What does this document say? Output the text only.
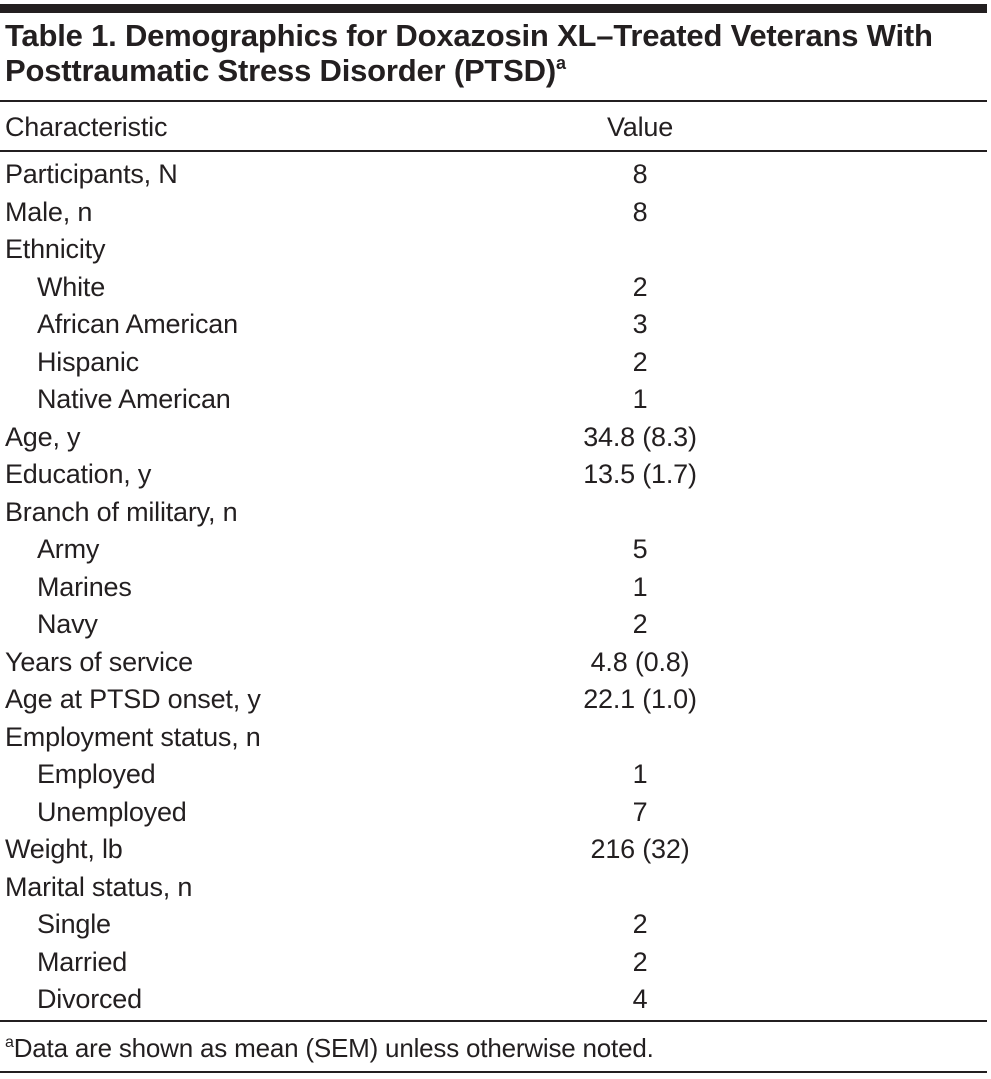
Table 1. Demographics for Doxazosin XL–Treated Veterans With Posttraumatic Stress Disorder (PTSD)$^a$
Characteristic	Value
Participants, N	8
Male, n	8
Ethnicity
White	2
African American	3
Hispanic	2
Native American	1
Age, y	34.8 (8.3)
Education, y	13.5 (1.7)
Branch of military, n
Army	5
Marines	1
Navy	2
Years of service	4.8 (0.8)
Age at PTSD onset, y	22.1 (1.0)
Employment status, n
Employed	1
Unemployed	7
Weight, lb	216 (32)
Marital status, n
Single	2
Married	2
Divorced	4
$^a$Data are shown as mean (SEM) unless otherwise noted.
